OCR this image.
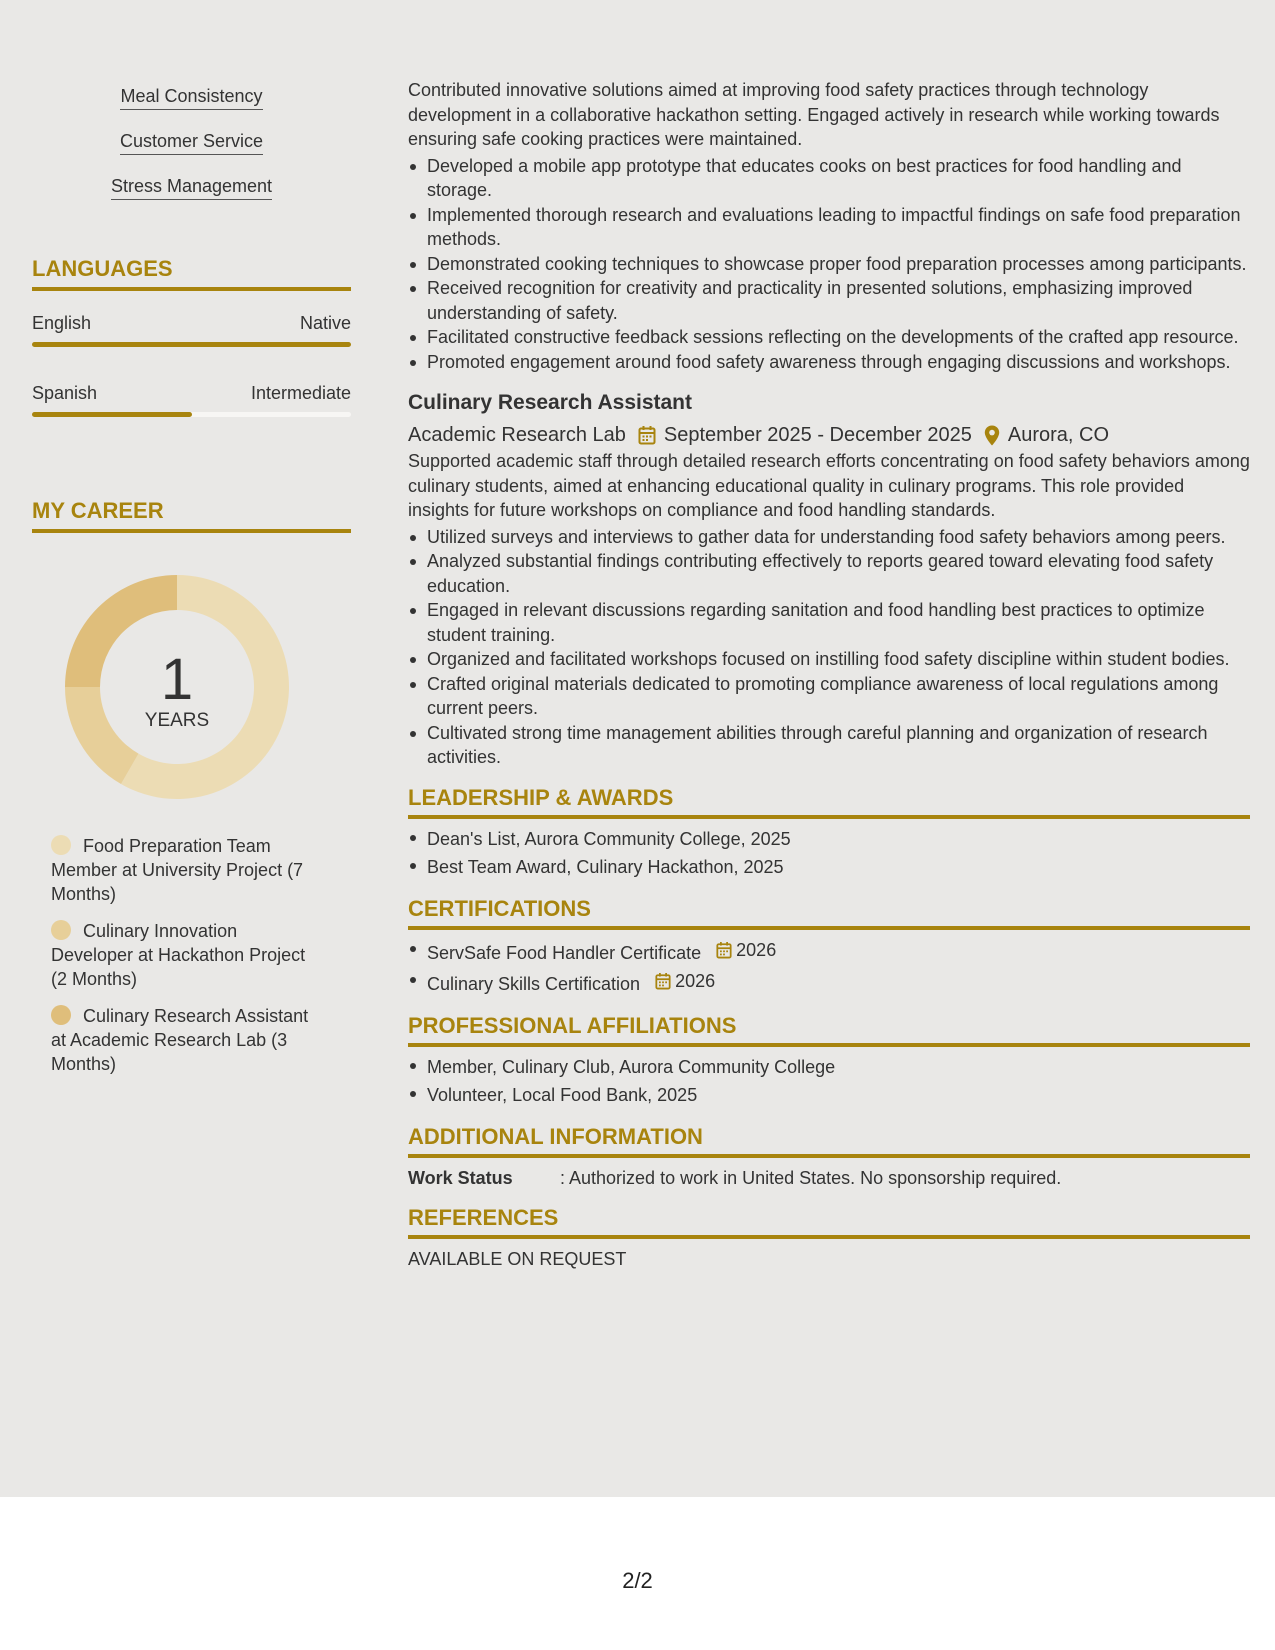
Meal Consistency
Customer Service
Stress Management
LANGUAGES
English	Native
Spanish	Intermediate
MY CAREER
1
YEARS
Food Preparation Team Member at University Project (7 Months)
Culinary Innovation Developer at Hackathon Project (2 Months)
Culinary Research Assistant at Academic Research Lab (3 Months)

Contributed innovative solutions aimed at improving food safety practices through technology development in a collaborative hackathon setting. Engaged actively in research while working towards ensuring safe cooking practices were maintained.

Developed a mobile app prototype that educates cooks on best practices for food handling and storage.
Implemented thorough research and evaluations leading to impactful findings on safe food preparation methods.
Demonstrated cooking techniques to showcase proper food preparation processes among participants.
Received recognition for creativity and practicality in presented solutions, emphasizing improved understanding of safety.
Facilitated constructive feedback sessions reflecting on the developments of the crafted app resource.
Promoted engagement around food safety awareness through engaging discussions and workshops.
Culinary Research Assistant
Academic Research Lab September 2025 - December 2025 Aurora, CO

Supported academic staff through detailed research efforts concentrating on food safety behaviors among culinary students, aimed at enhancing educational quality in culinary programs. This role provided insights for future workshops on compliance and food handling standards.

Utilized surveys and interviews to gather data for understanding food safety behaviors among peers.
Analyzed substantial findings contributing effectively to reports geared toward elevating food safety education.
Engaged in relevant discussions regarding sanitation and food handling best practices to optimize student training.
Organized and facilitated workshops focused on instilling food safety discipline within student bodies.
Crafted original materials dedicated to promoting compliance awareness of local regulations among current peers.
Cultivated strong time management abilities through careful planning and organization of research activities.
LEADERSHIP & AWARDS
Dean's List, Aurora Community College, 2025
Best Team Award, Culinary Hackathon, 2025
CERTIFICATIONS
ServSafe Food Handler Certificate 2026
Culinary Skills Certification 2026
PROFESSIONAL AFFILIATIONS
Member, Culinary Club, Aurora Community College
Volunteer, Local Food Bank, 2025
ADDITIONAL INFORMATION
Work Status	: Authorized to work in United States. No sponsorship required.
REFERENCES
AVAILABLE ON REQUEST
2/2
